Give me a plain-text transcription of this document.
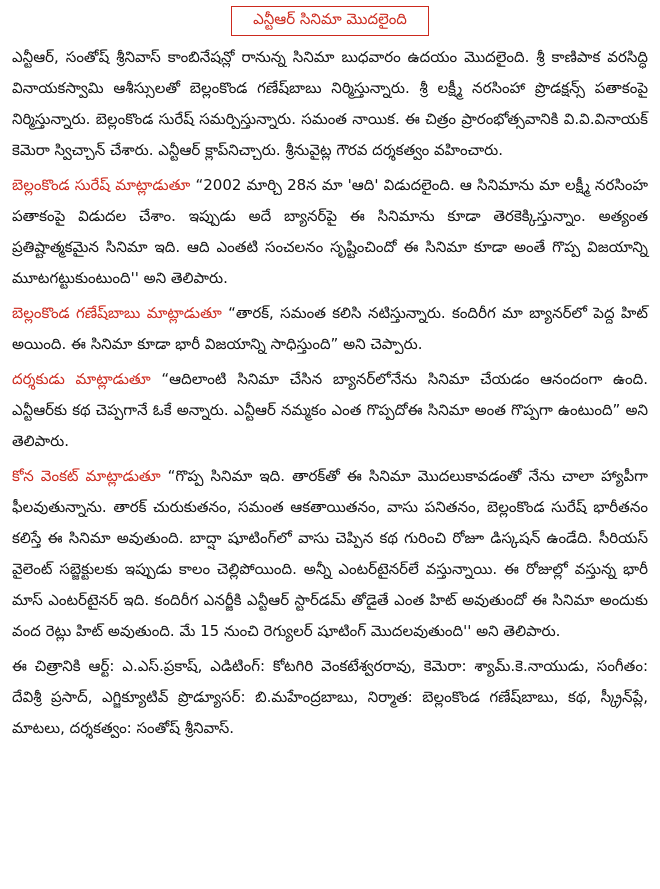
ఎన్టీఆర్ సినిమా మొదలైంది

ఎన్టీఆర్, సంతోష్ శ్రీనివాస్ కాంబినేషన్లో రానున్న సినిమా బుధవారం ఉదయం మొదలైంది. శ్రీ కాణిపాక వరసిద్ధి వినాయకస్వామి ఆశీస్సులతో బెల్లంకొండ గణేష్‌బాబు నిర్మిస్తున్నారు. శ్రీ లక్ష్మీ నరసింహా ప్రొడక్షన్స్ పతాకంపై నిర్మిస్తున్నారు. బెల్లంకొండ సురేష్ సమర్పిస్తున్నారు. సమంత నాయిక. ఈ చిత్రం ప్రారంభోత్సవానికి వి.వి.వినాయక్ కెమెరా స్విచ్చాన్ చేశారు. ఎన్టీఆర్ క్లాప్‌నిచ్చారు. శ్రీనువైట్ల గౌరవ దర్శకత్వం వహించారు.

బెల్లంకొండ సురేష్ మాట్లాడుతూ “2002 మార్చి 28న మా 'ఆది' విడుదలైంది. ఆ సినిమాను మా లక్ష్మీ నరసింహ పతాకంపై విడుదల చేశాం. ఇప్పుడు అదే బ్యానర్‌పై ఈ సినిమాను కూడా తెరకెక్కిస్తున్నాం. అత్యంత ప్రతిష్టాత్మకమైన సినిమా ఇది. ఆది ఎంతటి సంచలనం సృష్టించిందో ఈ సినిమా కూడా అంతే గొప్ప విజయాన్ని మూటగట్టుకుంటుంది'' అని తెలిపారు.

బెల్లంకొండ గణేష్‌బాబు మాట్లాడుతూ “తారక్, సమంత కలిసి నటిస్తున్నారు. కందిరీగ మా బ్యానర్‌లో పెద్ద హిట్ అయింది. ఈ సినిమా కూడా భారీ విజయాన్ని సాధిస్తుంది” అని చెప్పారు.

దర్శకుడు మాట్లాడుతూ “ఆదిలాంటి సినిమా చేసిన బ్యానర్‌లోనేను సినిమా చేయడం ఆనందంగా ఉంది. ఎన్టీఆర్‌కు కథ చెప్పగానే ఓకే అన్నారు. ఎన్టీఆర్ నమ్మకం ఎంత గొప్పదోఈ సినిమా అంత గొప్పగా ఉంటుంది” అని తెలిపారు.

కోన వెంకట్ మాట్లాడుతూ “గొప్ప సినిమా ఇది. తారక్‌తో ఈ సినిమా మొదలుకావడంతో నేను చాలా హ్యాపీగా ఫీలవుతున్నాను. తారక్ చురుకుతనం, సమంత ఆకతాయితనం, వాసు పనితనం, బెల్లంకొండ సురేష్ భారీతనం కలిస్తే ఈ సినిమా అవుతుంది. బాద్షా షూటింగ్‌లో వాసు చెప్పిన కథ గురించి రోజూ డిస్కషన్ ఉండేది. సీరియస్ వైలెంట్ సబ్జెక్టులకు ఇప్పుడు కాలం చెల్లిపోయింది. అన్నీ ఎంటర్‌టైనర్‌లే వస్తున్నాయి. ఈ రోజుల్లో వస్తున్న భారీ మాస్ ఎంటర్‌టైనర్ ఇది. కందిరీగ ఎనర్జీకి ఎన్టీఆర్ స్టార్‌డమ్ తోడైతే ఎంత హిట్ అవుతుందో ఈ సినిమా అందుకు వంద రెట్లు హిట్ అవుతుంది. మే 15 నుంచి రెగ్యులర్ షూటింగ్ మొదలవుతుంది'' అని తెలిపారు.

ఈ చిత్రానికి ఆర్ట్: ఎ.ఎస్.ప్రకాష్, ఎడిటింగ్: కోటగిరి వెంకటేశ్వరరావు, కెమెరా: శ్యామ్.కె.నాయుడు, సంగీతం: దేవిశ్రీ ప్రసాద్, ఎగ్జిక్యూటివ్ ప్రొడ్యూసర్: బి.మహేంద్రబాబు, నిర్మాత: బెల్లంకొండ గణేష్‌బాబు, కథ, స్క్రీన్‌ప్లే, మాటలు, దర్శకత్వం: సంతోష్ శ్రీనివాస్.
